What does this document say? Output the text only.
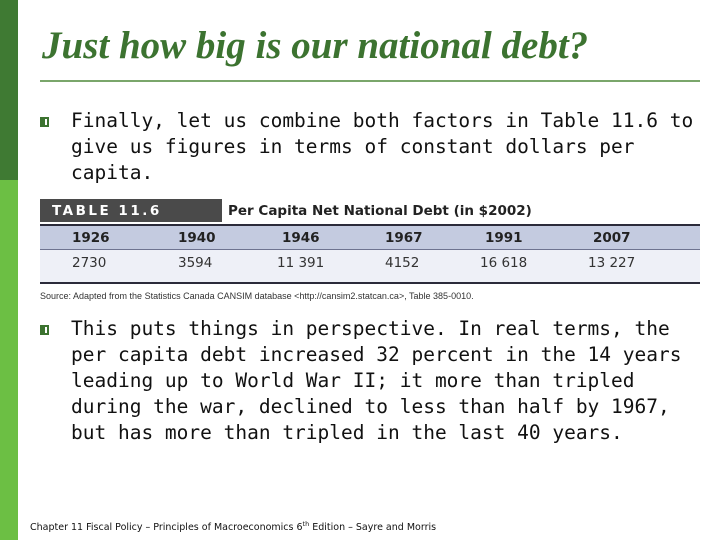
Just how big is our national debt?
Finally, let us combine both factors in Table 11.6 to give us figures in terms of constant dollars per capita.
TABLE 11.6	Per Capita Net National Debt (in $2002)
1926	1940	1946	1967	1991	2007
2730	3594	11 391	4152	16 618	13 227
Source: Adapted from the Statistics Canada CANSIM database <http://cansim2.statcan.ca>, Table 385-0010.
This puts things in perspective. In real terms, the per capita debt increased 32 percent in the 14 years leading up to World War II; it more than tripled during the war, declined to less than half by 1967, but has more than tripled in the last 40 years.
Chapter 11 Fiscal Policy – Principles of Macroeconomics 6th Edition – Sayre and Morris
